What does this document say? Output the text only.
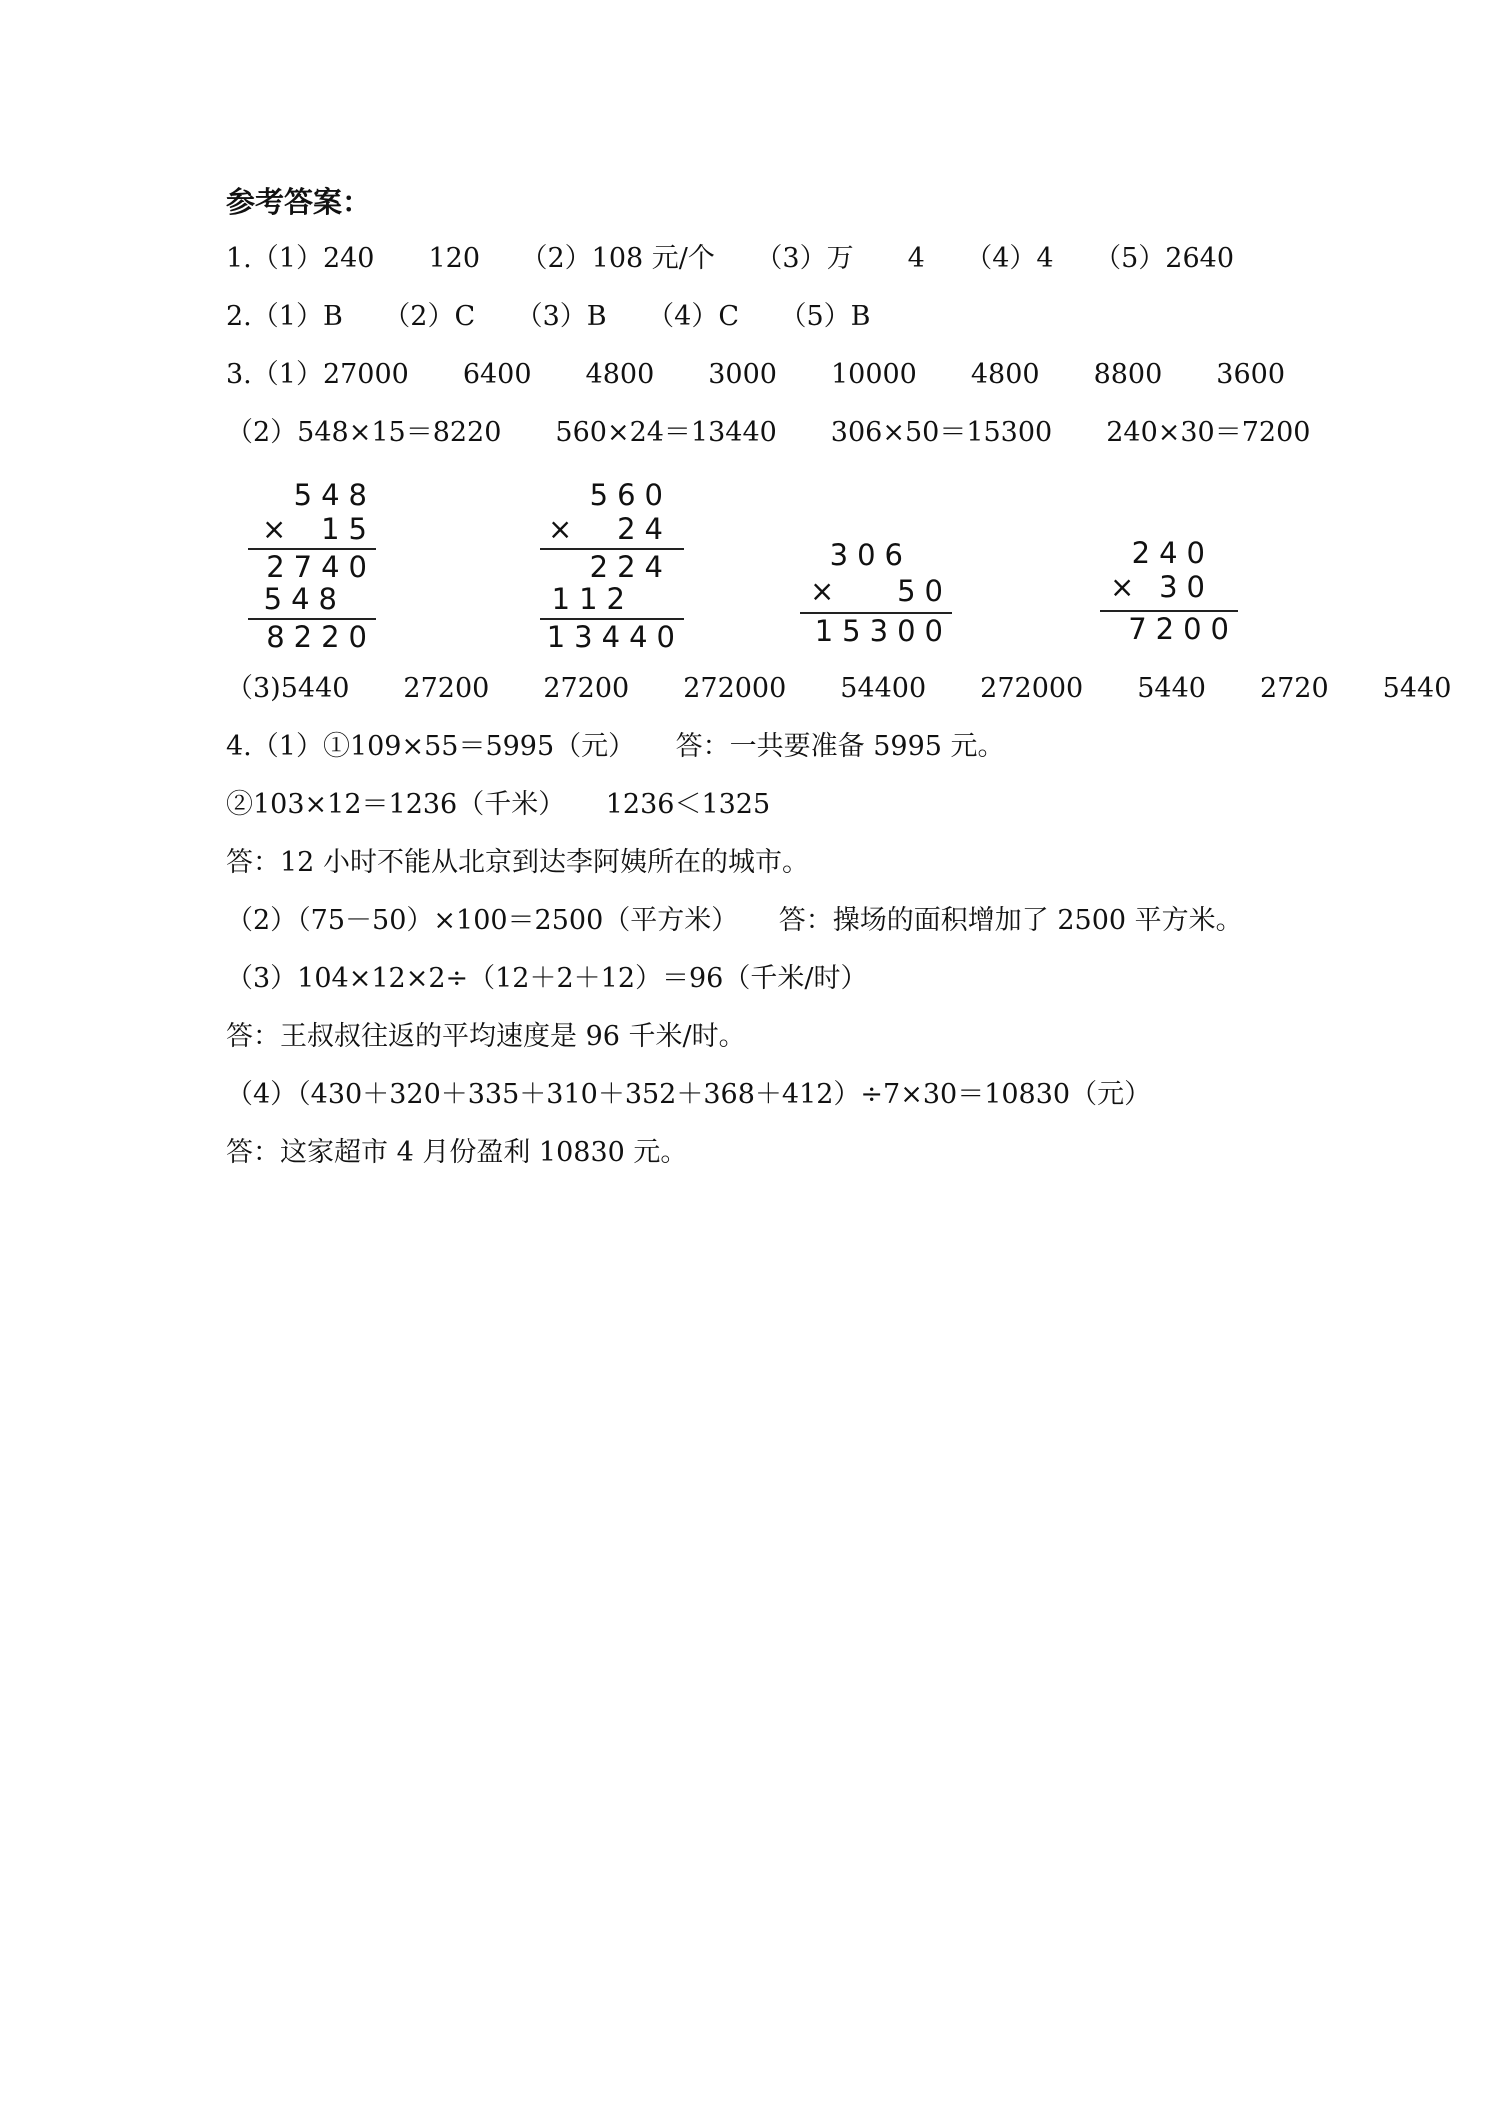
参考答案：
1.（1）240　　120　　（2）108 元/个　　（3）万　　4　　（4）4　　（5）2640
2.（1）B　　（2）C　　（3）B　　（4）C　　（5）B
3.（1）27000　　6400　　4800　　3000　　10000　　4800　　8800　　3600
（2）548×15＝8220　　560×24＝13440　　306×50＝15300　　240×30＝7200
548
× 15
2740
548
8220
560
× 24
224
112
13440
306
× 50
15300
240
× 30
7200
（3)5440　　27200　　27200　　272000　　54400　　272000　　5440　　2720　　5440
4.（1）①109×55＝5995（元）　　答：一共要准备 5995 元。
②103×12＝1236（千米）　　1236＜1325
答：12 小时不能从北京到达李阿姨所在的城市。
（2）（75－50）×100＝2500（平方米）　　答：操场的面积增加了 2500 平方米。
（3）104×12×2÷（12＋2＋12）＝96（千米/时）
答：王叔叔往返的平均速度是 96 千米/时。
（4）（430＋320＋335＋310＋352＋368＋412）÷7×30＝10830（元）
答：这家超市 4 月份盈利 10830 元。
